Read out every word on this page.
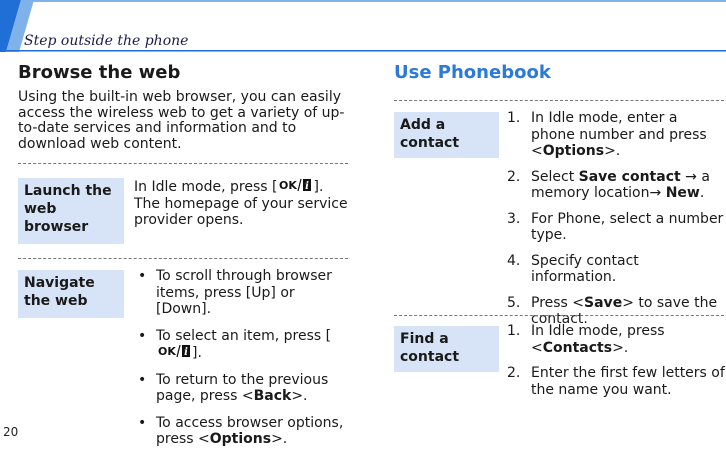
Step outside the phone
Browse the web
Using the built-in web browser, you can easily access the wireless web to get a variety of up-to-date services and information and to download web content.
Launch the web browser
In Idle mode, press [ OK i ]. The homepage of your service provider opens.
Navigate the web
• To scroll through browser items, press [Up] or [Down].
• To select an item, press [
OK i ].
• To return to the previous page, press <Back>.
• To access browser options, press <Options>.
Use Phonebook
Add a contact
1. In Idle mode, enter a phone number and press <Options>.
2. Select Save contact → a memory location→ New.
3. For Phone, select a number type.
4. Specify contact information.
5. Press <Save> to save the contact.
Find a contact
1. In Idle mode, press <Contacts>.
2. Enter the first few letters of the name you want.
20
